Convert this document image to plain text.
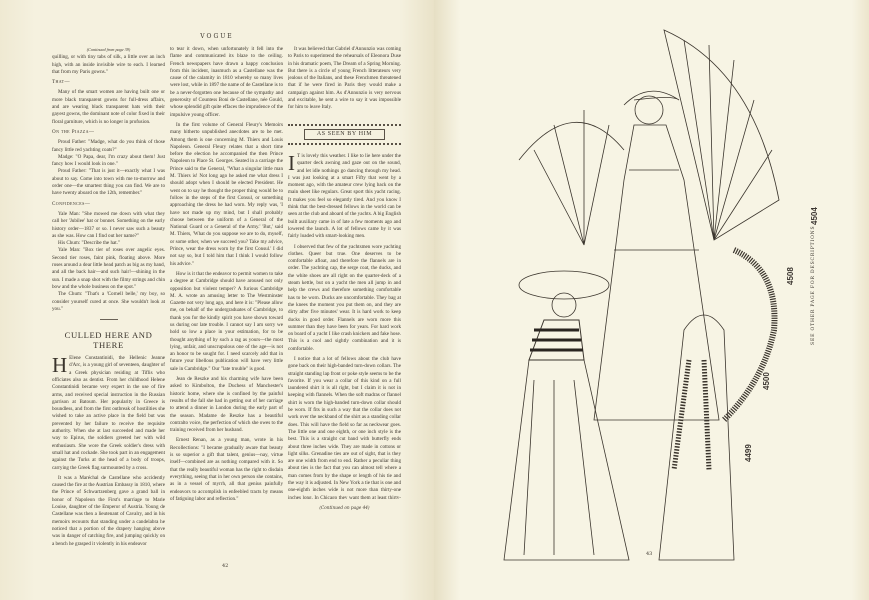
VOGUE
(Continued from page 39)

quilling, or with tiny tabs of silk, a little over an inch high, with an inside invisible wire to each. I learned that from my Paris gowns."

That—

Many of the smart women are having built one or more black transparent gowns for full-dress affairs, and are wearing black transparent hats with their gayest gowns, the dominant note of color fixed in their floral garniture, which is no longer in profusion.

On the Piazza—

Proud Father: "Madge, what do you think of those fancy little red yachting coats?"

Madge: "O Papa, dear, I'm crazy about them! Just fancy how I would look in one."

Proud Father: "That is just it—exactly what I was about to say. Come into town with me to-morrow and order one—the smartest thing you can find. We are to have twenty aboard on the 12th, remember."

Confidences—

Yale Man: "She mowed me down with what they call her 'Jubilee' hat or bonnet. Something on the early history order—1837 or so. I never saw such a beauty as she was. How can I find out her name?"

His Chum: "Describe the hat."

Yale Man: "Box tier of roses over angelic eyes. Second tier roses, faint pink, floating above. More roses around a dear little head patch as big as my hand, and all the back hair—and such hair!—shining in the sun. I made a snap shot with the filmy strings and chin bow and the whole business on the spot."

The Chum: "That's a 'Cornell belle,' my boy, so consider yourself cured at once. She wouldn't look at you."

CULLED HERE AND THERE

H Elene Constantinidi, the Hellenic Jeanne d'Arc, is a young girl of seventeen, daughter of a Greek physician residing at Tiflis who officiates also as dentist. From her childhood Helene Constantinidi became very expert in the use of fire arms, and received special instruction in the Russian garrison at Batoum. Her popularity in Greece is boundless, and from the first outbreak of hostilities she wished to take an active place in the field but was prevented by her failure to receive the requisite authority. When she at last succeeded and made her way to Epirus, the soldiers greeted her with wild enthusiasm. She wore the Greek soldier's dress with small hat and cockade. She took part in an engagement against the Turks at the head of a body of troops, carrying the Greek flag surmounted by a cross.

It was a Maréchal de Castellane who accidently caused the fire at the Austrian Embassy in 1810, where the Prince of Schwartzenberg gave a grand ball in honor of Napoleon the First's marriage to Marie Louise, daughter of the Emperor of Austria. Young de Castellane was then a lieutenant of Cavalry, and in his memoirs recounts that standing under a candelabra he noticed that a portion of the drapery hanging above was in danger of catching fire, and jumping quickly on a bench he grasped it violently in his endeavor

to tear it down, when unfortunately it fell into the flame and communicated its blaze to the ceiling. French newspapers have drawn a happy conclusion from this incident, inasmuch as a Castellane was the cause of the calamity in 1810 whereby so many lives were lost, while in 1897 the name of de Castellane is to be a never-forgotten one because of the sympathy and generosity of Countess Boni de Castellane, née Gould, whose splendid gift quite effaces the imprudence of the impulsive young officer.

In the first volume of General Fleury's Memoirs many hitherto unpublished anecdotes are to be met. Among them is one concerning M. Thiers and Louis Napoleon. General Fleury relates that a short time before the election he accompanied the then Prince Napoleon to Place St. Georges. Seated in a carriage the Prince said to the General, "What a singular little man M. Thiers is! Not long ago he asked me what dress I should adopt when I should be elected President. He went on to say he thought the proper thing would be to follow in the steps of the first Consul, or something approaching the dress he had worn. My reply was, 'I have not made up my mind, but I shall probably choose between the uniform of a General of the National Guard or a General of the Army.' 'But,' said M. Thiers, 'What do you suppose we are to do, myself, or some other, when we succeed you? Take my advice, Prince, wear the dress worn by the first Consul.' I did not say so, but I told him that I think I would follow his advice."

How is it that the endeavor to permit women to take a degree at Cambridge should have aroused not only opposition but violent temper? A furious Cambridge M. A. wrote an amusing letter to The Westminster Gazette not very long ago, and here it is: "Please allow me, on behalf of the undergraduates of Cambridge, to thank you for the kindly spirit you have shown toward us during our late trouble. I cannot say I am sorry we hold so low a place in your estimation, for to be thought anything of by such a rag as yours—the most lying, unfair, and unscrupulous one of the age—is not an honor to be sought for. I need scarcely add that in future your libellous publication will have very little sale in Cambridge." Our "late trouble" is good.

Jean de Reszke and his charming wife have been asked to Kimbolton, the Duchess of Manchester's historic home, where she is confined by the painful results of the fall she had in getting out of her carriage to attend a dinner in London during the early part of the season. Madame de Reszke has a beautiful contralto voice, the perfection of which she owes to the training received from her husband.

Ernest Renan, as a young man, wrote in his Recollections: "I became gradually aware that beauty is so superior a gift that talent, genius—nay, virtue itself—combined are as nothing compared with it. So that the really beautiful woman has the right to disdain everything, seeing that in her own person she contains, as in a vessel of myrrh, all that genius painfully endeavors to accomplish in enfeebled tracts by means of fatiguing labor and reflection."

It was believed that Gabriel d'Annunzio was coming to Paris to superintend the rehearsals of Eleonora Duse in his dramatic poem, The Dream of a Spring Morning. But there is a circle of young French litterateurs very jealous of the Italians, and these Frenchmen threatened that if he were fired in Paris they would make a campaign against him. As d'Annunzio is very nervous and excitable, he sent a wire to say it was impossible for him to leave Italy.

AS SEEN BY HIM

I T is lovely this weather. I like to lie here under the quarter deck awning and gaze out on the sound, and let idle nothings go dancing through my head. I was just looking at a smart Fifty that went by a moment ago, with the amateur crew lying back on the main sheet like regulars. Great sport this yacht racing. It makes you feel so elegantly tired. And you know I think that the best-dressed fellows in the world can be seen at the club and aboard of the yachts. A big English built auxiliary came in of late a few moments ago and lowered the launch. A lot of fellows came by it was fairly loaded with smart-looking men.

I observed that few of the yachtsmen wore yachting clothes. Queer but true. One deserves to be comfortable afloat, and therefore the flannels are in order. The yachting cap, the serge coat, the ducks, and the white shoes are all right on the quarter-deck of a steam kettle, but on a yacht the men all jump in and help the crews and therefore something comfortable has to be worn. Ducks are uncomfortable. They bag at the knees the moment you put them on, and they are dirty after five minutes' wear. It is hard work to keep ducks in good order. Flannels are worn more this summer than they have been for years. For hard work on board of a yacht I like crash knickers and fake hose. This is a cool and sightly combination and it is comfortable.

I notice that a lot of fellows about the club have gone back on their high-banded turn-down collars. The straight standing lap front or poke style seems to be the favorite. If you wear a collar of this kind on a full laundered shirt it is all right, but I claim it is not in keeping with flannels. When the soft madras or flannel shirt is worn the high-banded turn-down collar should be worn. If fits in such a way that the collar does not work over the neckband of the shirt as a standing collar does. This will have the field so far as neckwear goes. The little one and one eighth, or one inch style is the best. This is a straight cut band with butterfly ends about three inches wide. They are made in cottons or light silks. Grenadine ties are out of sight, that is they are one width from end to end. Rather a peculiar thing about ties is the fact that you can almost tell where a man comes from by the shape or length of his tie and the way it is adjusted. In New York a tie that is one and one-eighth inches wide is not more than thirty-one inches long. In Chicago they want them at least thirty-

(Continued on page 44)
42
4499
4500
4508
4504
SEE OTHER PAGE FOR DESCRIPTIONS
43
